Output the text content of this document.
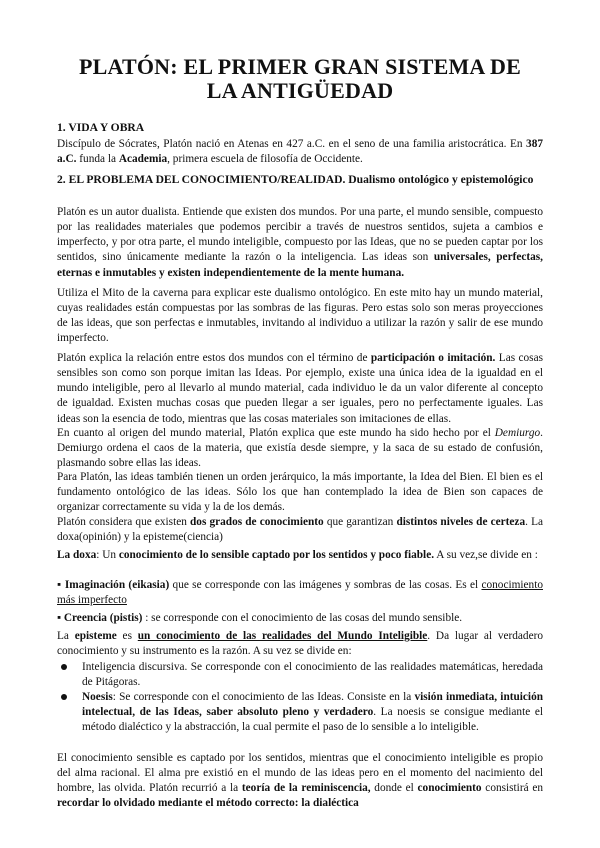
PLATÓN: EL PRIMER GRAN SISTEMA DE
LA ANTIGÜEDAD
1. VIDA Y OBRA

Discípulo de Sócrates, Platón nació en Atenas en 427 a.C. en el seno de una familia aristocrática. En 387 a.C. funda la Academia, primera escuela de filosofía de Occidente.

2. EL PROBLEMA DEL CONOCIMIENTO/REALIDAD. Dualismo ontológico y epistemológico

Platón es un autor dualista. Entiende que existen dos mundos. Por una parte, el mundo sensible, compuesto por las realidades materiales que podemos percibir a través de nuestros sentidos, sujeta a cambios e imperfecto, y por otra parte, el mundo inteligible, compuesto por las Ideas, que no se pueden captar por los sentidos, sino únicamente mediante la razón o la inteligencia. Las ideas son universales, perfectas, eternas e inmutables y existen independientemente de la mente humana.

Utiliza el Mito de la caverna para explicar este dualismo ontológico. En este mito hay un mundo material, cuyas realidades están compuestas por las sombras de las figuras. Pero estas solo son meras proyecciones de las ideas, que son perfectas e inmutables, invitando al individuo a utilizar la razón y salir de ese mundo imperfecto.

Platón explica la relación entre estos dos mundos con el término de participación o imitación. Las cosas sensibles son como son porque imitan las Ideas. Por ejemplo, existe una única idea de la igualdad en el mundo inteligible, pero al llevarlo al mundo material, cada individuo le da un valor diferente al concepto de igualdad. Existen muchas cosas que pueden llegar a ser iguales, pero no perfectamente iguales. Las ideas son la esencia de todo, mientras que las cosas materiales son imitaciones de ellas.

En cuanto al origen del mundo material, Platón explica que este mundo ha sido hecho por el Demiurgo. Demiurgo ordena el caos de la materia, que existía desde siempre, y la saca de su estado de confusión, plasmando sobre ellas las ideas.

Para Platón, las ideas también tienen un orden jerárquico, la más importante, la Idea del Bien. El bien es el fundamento ontológico de las ideas. Sólo los que han contemplado la idea de Bien son capaces de organizar correctamente su vida y la de los demás.

Platón considera que existen dos grados de conocimiento que garantizan distintos niveles de certeza. La doxa(opinión) y la episteme(ciencia)

La doxa: Un conocimiento de lo sensible captado por los sentidos y poco fiable. A su vez,se divide en :

▪ Imaginación (eikasia) que se corresponde con las imágenes y sombras de las cosas. Es el conocimiento más imperfecto

▪ Creencia (pistis) : se corresponde con el conocimiento de las cosas del mundo sensible.

La episteme es un conocimiento de las realidades del Mundo Inteligible. Da lugar al verdadero conocimiento y su instrumento es la razón. A su vez se divide en:

Inteligencia discursiva. Se corresponde con el conocimiento de las realidades matemáticas, heredada de Pitágoras.
Noesis: Se corresponde con el conocimiento de las Ideas. Consiste en la visión inmediata, intuición intelectual, de las Ideas, saber absoluto pleno y verdadero. La noesis se consigue mediante el método dialéctico y la abstracción, la cual permite el paso de lo sensible a lo inteligible.

El conocimiento sensible es captado por los sentidos, mientras que el conocimiento inteligible es propio del alma racional. El alma pre existió en el mundo de las ideas pero en el momento del nacimiento del hombre, las olvida. Platón recurrió a la teoría de la reminiscencia, donde el conocimiento consistirá en recordar lo olvidado mediante el método correcto: la dialéctica
